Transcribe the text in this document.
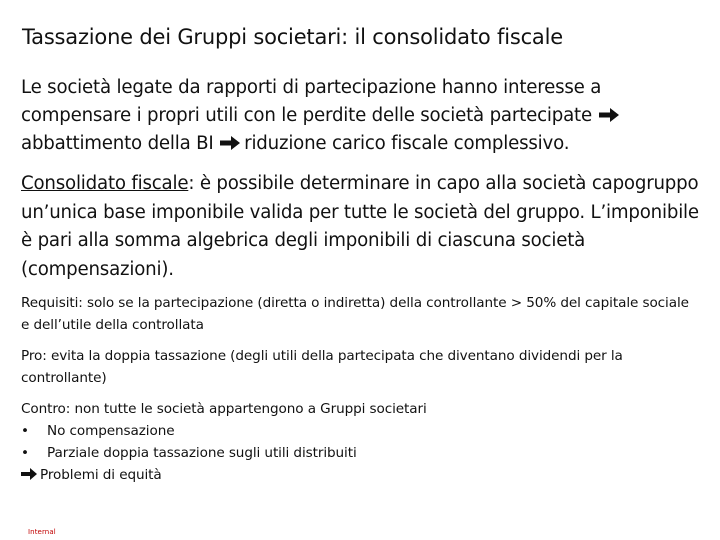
Tassazione dei Gruppi societari: il consolidato fiscale
Le società legate da rapporti di partecipazione hanno interesse a compensare i propri utili con le perdite delle società partecipate
abbattimento della BI riduzione carico fiscale complessivo.
Consolidato fiscale: è possibile determinare in capo alla società capogruppo un’unica base imponibile valida per tutte le società del gruppo. L’imponibile è pari alla somma algebrica degli imponibili di ciascuna società (compensazioni).
Requisiti: solo se la partecipazione (diretta o indiretta) della controllante > 50% del capitale sociale e dell’utile della controllata
Pro: evita la doppia tassazione (degli utili della partecipata che diventano dividendi per la controllante)
Contro: non tutte le società appartengono a Gruppi societari
• No compensazione
• Parziale doppia tassazione sugli utili distribuiti
Problemi di equità
Internal
